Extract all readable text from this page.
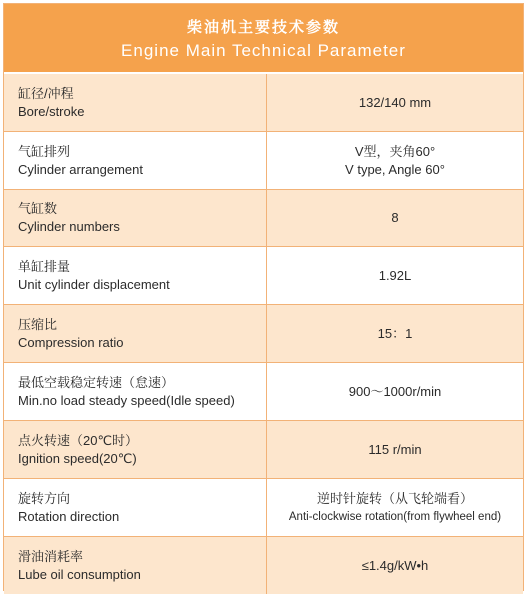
柴油机主要技术参数
Engine Main Technical Parameter
缸径/冲程
Bore/stroke
132/140 mm
气缸排列
Cylinder arrangement
V型，夹角60°
V type, Angle 60°
气缸数
Cylinder numbers
8
单缸排量
Unit cylinder displacement
1.92L
压缩比
Compression ratio
15：1
最低空载稳定转速（怠速）
Min.no load steady speed(Idle speed)
900～1000r/min
点火转速（20℃时）
Ignition speed(20℃)
115 r/min
旋转方向
Rotation direction
逆时针旋转（从飞轮端看）
Anti-clockwise rotation(from flywheel end)
滑油消耗率
Lube oil consumption
≤1.4g/kW•h
